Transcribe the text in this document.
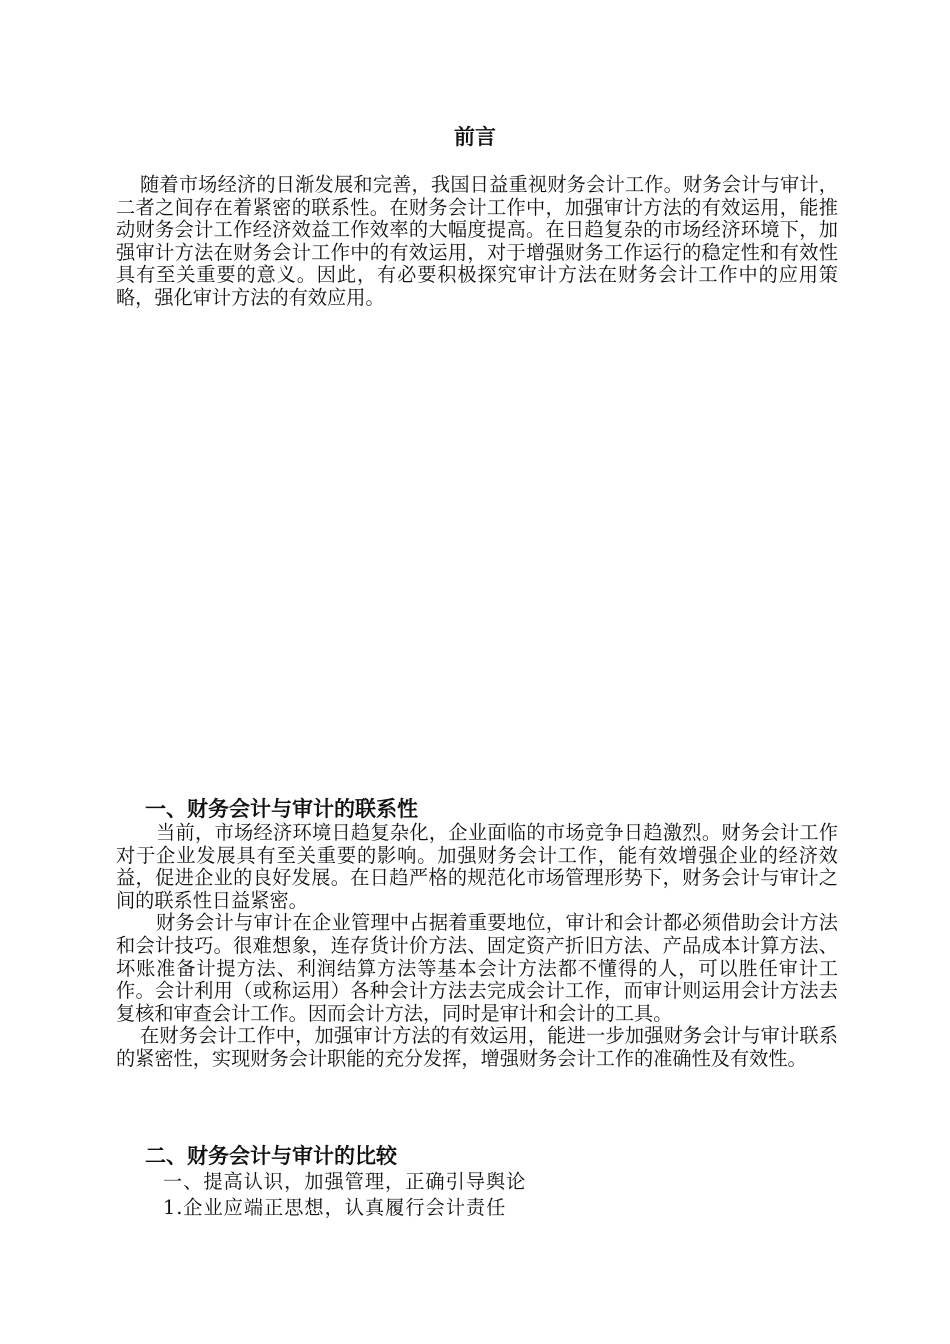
前言

随着市场经济的日渐发展和完善，我国日益重视财务会计工作。财务会计与审计，二者之间存在着紧密的联系性。在财务会计工作中，加强审计方法的有效运用，能推动财务会计工作经济效益工作效率的大幅度提高。在日趋复杂的市场经济环境下，加强审计方法在财务会计工作中的有效运用，对于增强财务工作运行的稳定性和有效性具有至关重要的意义。因此，有必要积极探究审计方法在财务会计工作中的应用策略，强化审计方法的有效应用。

一、财务会计与审计的联系性

当前，市场经济环境日趋复杂化，企业面临的市场竞争日趋激烈。财务会计工作对于企业发展具有至关重要的影响。加强财务会计工作，能有效增强企业的经济效益，促进企业的良好发展。在日趋严格的规范化市场管理形势下，财务会计与审计之间的联系性日益紧密。

财务会计与审计在企业管理中占据着重要地位，审计和会计都必须借助会计方法和会计技巧。很难想象，连存货计价方法、固定资产折旧方法、产品成本计算方法、坏账准备计提方法、利润结算方法等基本会计方法都不懂得的人，可以胜任审计工作。会计利用（或称运用）各种会计方法去完成会计工作，而审计则运用会计方法去复核和审查会计工作。因而会计方法，同时是审计和会计的工具。

在财务会计工作中，加强审计方法的有效运用，能进一步加强财务会计与审计联系的紧密性，实现财务会计职能的充分发挥，增强财务会计工作的准确性及有效性。

二、财务会计与审计的比较

一、提高认识，加强管理，正确引导舆论

1.企业应端正思想，认真履行会计责任
